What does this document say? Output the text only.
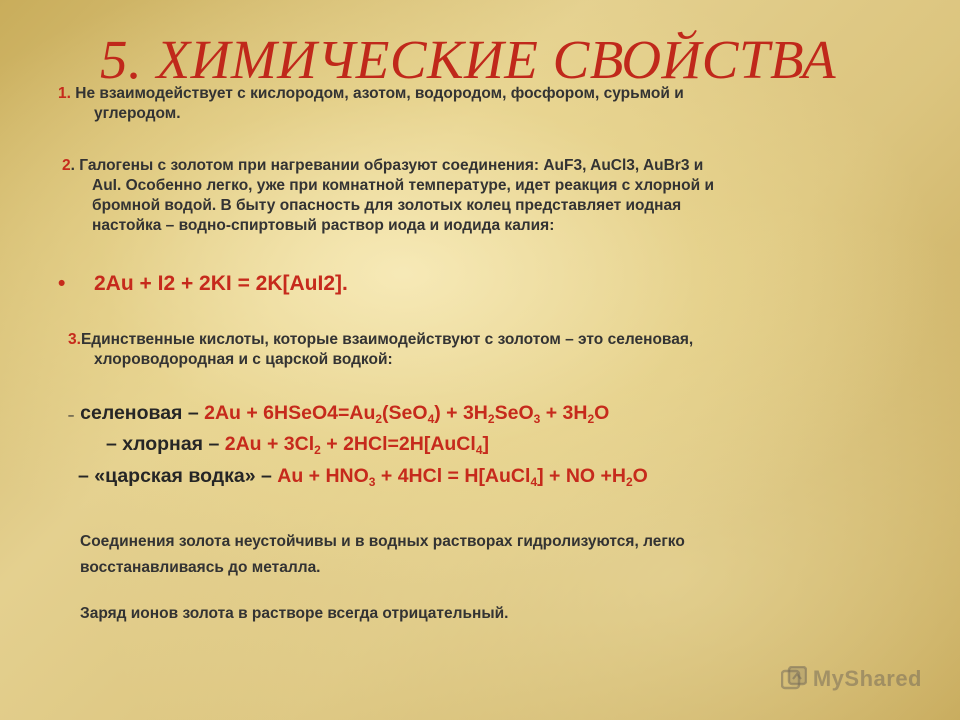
5. ХИМИЧЕСКИЕ СВОЙСТВА
1. Не взаимодействует с кислородом, азотом, водородом, фосфором, сурьмой и
углеродом.
2. Галогены с золотом при нагревании образуют соединения: AuF3, AuCl3, AuBr3 и
AuI. Особенно легко, уже при комнатной температуре, идет реакция с хлорной и
бромной водой. В быту опасность для золотых колец представляет иодная
настойка – водно-спиртовый раствор иода и иодида калия:
• 2Au + I2 + 2KI = 2K[AuI2].
3.Единственные кислоты, которые взаимодействуют с золотом – это селеновая,
хлороводородная и с царской водкой:
– селеновая – $2Au + 6HSeO4=Au_2(SeO_4) + 3H_2SeO_3 + 3H_2O$
– хлорная – $2Au + 3Cl_2$ + 2HCl=2H[AuCl$_4$]
– «царская водка» – $Au + HNO_3 + 4HCl$ = H[AuCl$_4$] + NO $+H_2O$
Соединения золота неустойчивы и в водных растворах гидролизуются, легко
восстанавливаясь до металла.
Заряд ионов золота в растворе всегда отрицательный.
MyShared
